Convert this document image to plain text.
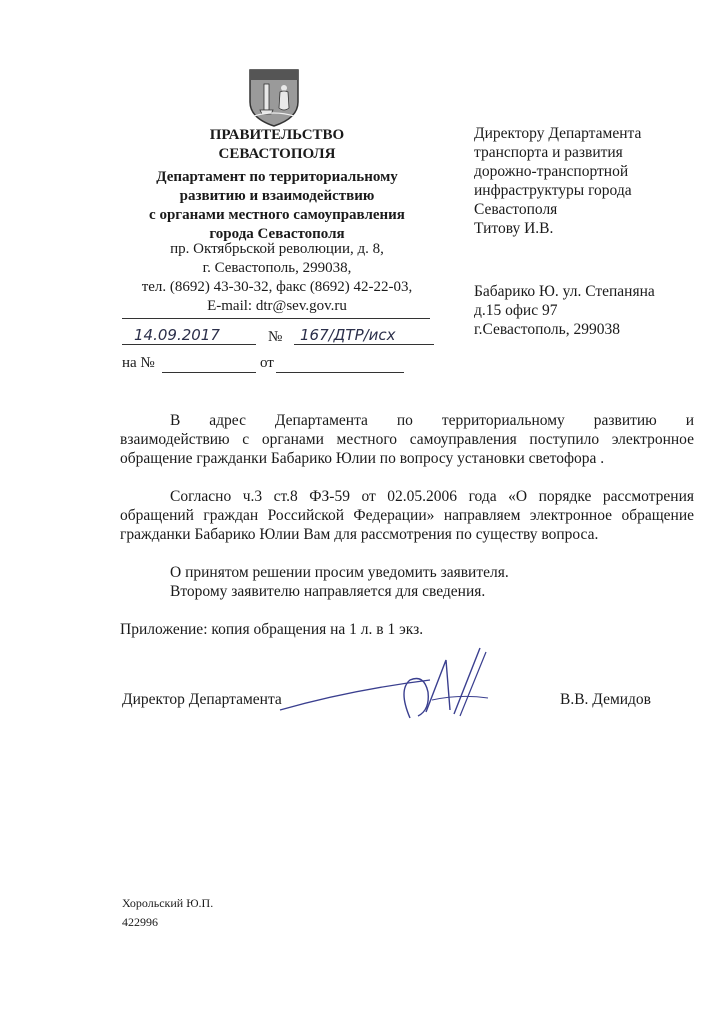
ПРАВИТЕЛЬСТВО
СЕВАСТОПОЛЯ
Департамент по территориальному
развитию и взаимодействию
с органами местного самоуправления
города Севастополя
пр. Октябрьской революции, д. 8,
г. Севастополь, 299038,
тел. (8692) 43-30-32, факс (8692) 42-22-03,
E-mail: dtr@sev.gov.ru
14.09.2017	№ 167/ДТР/исх
на №	от
Директору Департамента
транспорта и развития
дорожно-транспортной
инфраструктуры города
Севастополя
Титову И.В.
Бабарико Ю. ул. Степаняна
д.15 офис 97
г.Севастополь, 299038
В адрес Департамента по территориальному развитию и
взаимодействию с органами местного самоуправления поступило электронное обращение гражданки Бабарико Юлии по вопросу установки светофора .
Согласно ч.3 ст.8 ФЗ-59 от 02.05.2006 года «О порядке рассмотрения обращений граждан Российской Федерации» направляем электронное обращение гражданки Бабарико Юлии Вам для рассмотрения по существу вопроса.
О принятом решении просим уведомить заявителя.
Второму заявителю направляется для сведения.
Приложение: копия обращения на 1 л. в 1 экз.
Директор Департамента	В.В. Демидов
Хорольский Ю.П.
422996
